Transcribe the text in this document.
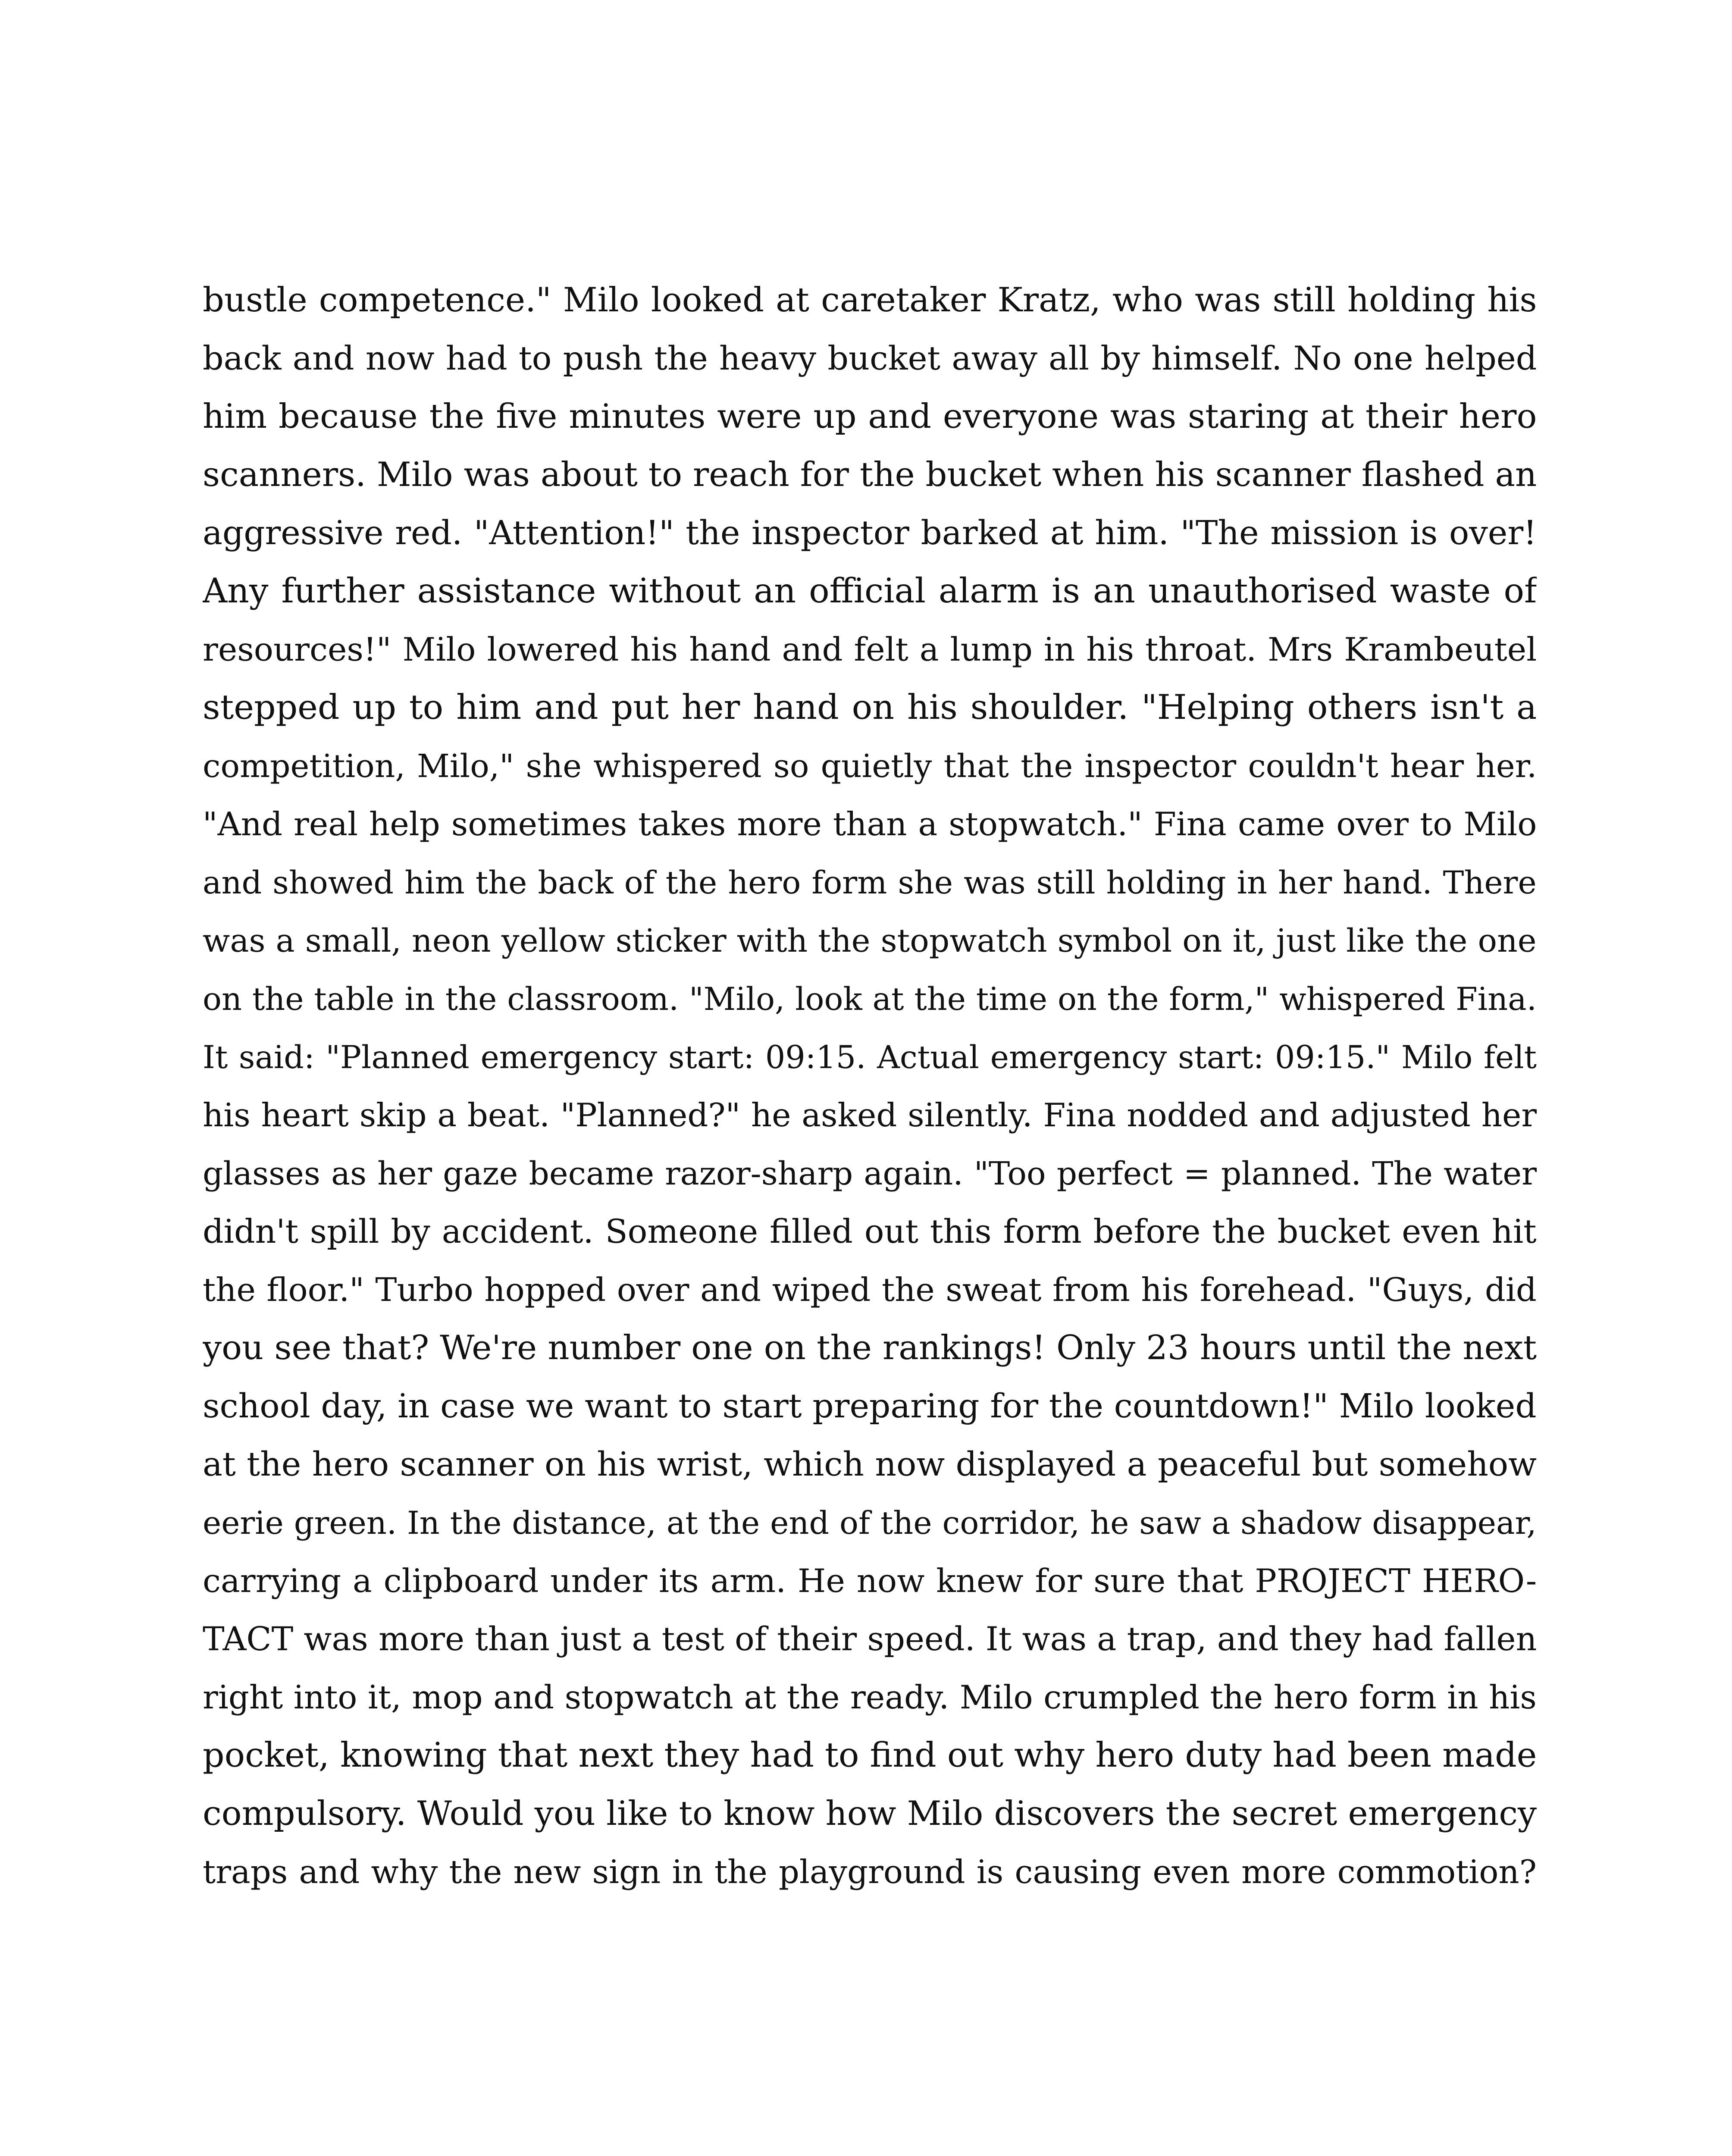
bustle competence." Milo looked at caretaker Kratz, who was still holding his
back and now had to push the heavy bucket away all by himself. No one helped
him because the five minutes were up and everyone was staring at their hero
scanners. Milo was about to reach for the bucket when his scanner flashed an
aggressive red. "Attention!" the inspector barked at him. "The mission is over!
Any further assistance without an official alarm is an unauthorised waste of
resources!" Milo lowered his hand and felt a lump in his throat. Mrs Krambeutel
stepped up to him and put her hand on his shoulder. "Helping others isn't a
competition, Milo," she whispered so quietly that the inspector couldn't hear her.
"And real help sometimes takes more than a stopwatch." Fina came over to Milo
and showed him the back of the hero form she was still holding in her hand. There
was a small, neon yellow sticker with the stopwatch symbol on it, just like the one
on the table in the classroom. "Milo, look at the time on the form," whispered Fina.
It said: "Planned emergency start: 09:15. Actual emergency start: 09:15." Milo felt
his heart skip a beat. "Planned?" he asked silently. Fina nodded and adjusted her
glasses as her gaze became razor-sharp again. "Too perfect = planned. The water
didn't spill by accident. Someone filled out this form before the bucket even hit
the floor." Turbo hopped over and wiped the sweat from his forehead. "Guys, did
you see that? We're number one on the rankings! Only 23 hours until the next
school day, in case we want to start preparing for the countdown!" Milo looked
at the hero scanner on his wrist, which now displayed a peaceful but somehow
eerie green. In the distance, at the end of the corridor, he saw a shadow disappear,
carrying a clipboard under its arm. He now knew for sure that PROJECT HERO-
TACT was more than just a test of their speed. It was a trap, and they had fallen
right into it, mop and stopwatch at the ready. Milo crumpled the hero form in his
pocket, knowing that next they had to find out why hero duty had been made
compulsory. Would you like to know how Milo discovers the secret emergency
traps and why the new sign in the playground is causing even more commotion?
